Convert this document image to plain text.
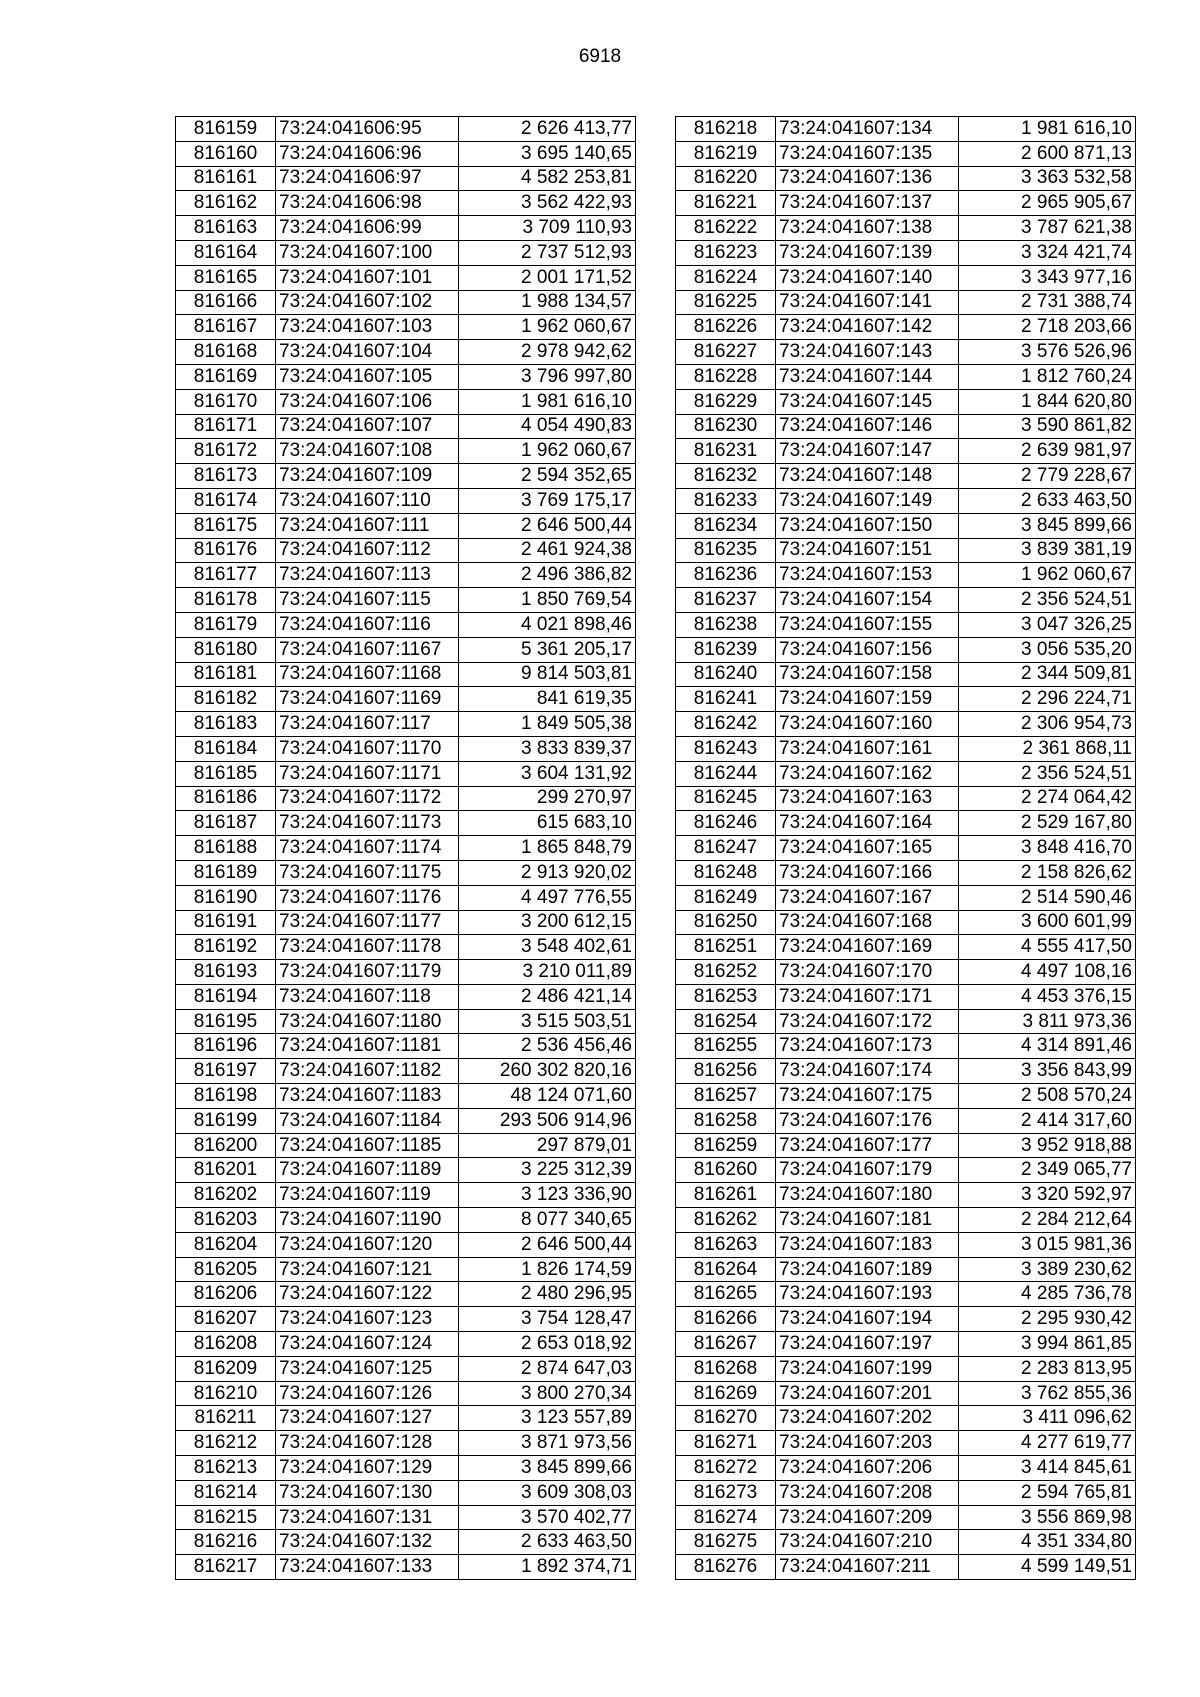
6918
816159	73:24:041606:95	2 626 413,77
816160	73:24:041606:96	3 695 140,65
816161	73:24:041606:97	4 582 253,81
816162	73:24:041606:98	3 562 422,93
816163	73:24:041606:99	3 709 110,93
816164	73:24:041607:100	2 737 512,93
816165	73:24:041607:101	2 001 171,52
816166	73:24:041607:102	1 988 134,57
816167	73:24:041607:103	1 962 060,67
816168	73:24:041607:104	2 978 942,62
816169	73:24:041607:105	3 796 997,80
816170	73:24:041607:106	1 981 616,10
816171	73:24:041607:107	4 054 490,83
816172	73:24:041607:108	1 962 060,67
816173	73:24:041607:109	2 594 352,65
816174	73:24:041607:110	3 769 175,17
816175	73:24:041607:111	2 646 500,44
816176	73:24:041607:112	2 461 924,38
816177	73:24:041607:113	2 496 386,82
816178	73:24:041607:115	1 850 769,54
816179	73:24:041607:116	4 021 898,46
816180	73:24:041607:1167	5 361 205,17
816181	73:24:041607:1168	9 814 503,81
816182	73:24:041607:1169	841 619,35
816183	73:24:041607:117	1 849 505,38
816184	73:24:041607:1170	3 833 839,37
816185	73:24:041607:1171	3 604 131,92
816186	73:24:041607:1172	299 270,97
816187	73:24:041607:1173	615 683,10
816188	73:24:041607:1174	1 865 848,79
816189	73:24:041607:1175	2 913 920,02
816190	73:24:041607:1176	4 497 776,55
816191	73:24:041607:1177	3 200 612,15
816192	73:24:041607:1178	3 548 402,61
816193	73:24:041607:1179	3 210 011,89
816194	73:24:041607:118	2 486 421,14
816195	73:24:041607:1180	3 515 503,51
816196	73:24:041607:1181	2 536 456,46
816197	73:24:041607:1182	260 302 820,16
816198	73:24:041607:1183	48 124 071,60
816199	73:24:041607:1184	293 506 914,96
816200	73:24:041607:1185	297 879,01
816201	73:24:041607:1189	3 225 312,39
816202	73:24:041607:119	3 123 336,90
816203	73:24:041607:1190	8 077 340,65
816204	73:24:041607:120	2 646 500,44
816205	73:24:041607:121	1 826 174,59
816206	73:24:041607:122	2 480 296,95
816207	73:24:041607:123	3 754 128,47
816208	73:24:041607:124	2 653 018,92
816209	73:24:041607:125	2 874 647,03
816210	73:24:041607:126	3 800 270,34
816211	73:24:041607:127	3 123 557,89
816212	73:24:041607:128	3 871 973,56
816213	73:24:041607:129	3 845 899,66
816214	73:24:041607:130	3 609 308,03
816215	73:24:041607:131	3 570 402,77
816216	73:24:041607:132	2 633 463,50
816217	73:24:041607:133	1 892 374,71
816218	73:24:041607:134	1 981 616,10
816219	73:24:041607:135	2 600 871,13
816220	73:24:041607:136	3 363 532,58
816221	73:24:041607:137	2 965 905,67
816222	73:24:041607:138	3 787 621,38
816223	73:24:041607:139	3 324 421,74
816224	73:24:041607:140	3 343 977,16
816225	73:24:041607:141	2 731 388,74
816226	73:24:041607:142	2 718 203,66
816227	73:24:041607:143	3 576 526,96
816228	73:24:041607:144	1 812 760,24
816229	73:24:041607:145	1 844 620,80
816230	73:24:041607:146	3 590 861,82
816231	73:24:041607:147	2 639 981,97
816232	73:24:041607:148	2 779 228,67
816233	73:24:041607:149	2 633 463,50
816234	73:24:041607:150	3 845 899,66
816235	73:24:041607:151	3 839 381,19
816236	73:24:041607:153	1 962 060,67
816237	73:24:041607:154	2 356 524,51
816238	73:24:041607:155	3 047 326,25
816239	73:24:041607:156	3 056 535,20
816240	73:24:041607:158	2 344 509,81
816241	73:24:041607:159	2 296 224,71
816242	73:24:041607:160	2 306 954,73
816243	73:24:041607:161	2 361 868,11
816244	73:24:041607:162	2 356 524,51
816245	73:24:041607:163	2 274 064,42
816246	73:24:041607:164	2 529 167,80
816247	73:24:041607:165	3 848 416,70
816248	73:24:041607:166	2 158 826,62
816249	73:24:041607:167	2 514 590,46
816250	73:24:041607:168	3 600 601,99
816251	73:24:041607:169	4 555 417,50
816252	73:24:041607:170	4 497 108,16
816253	73:24:041607:171	4 453 376,15
816254	73:24:041607:172	3 811 973,36
816255	73:24:041607:173	4 314 891,46
816256	73:24:041607:174	3 356 843,99
816257	73:24:041607:175	2 508 570,24
816258	73:24:041607:176	2 414 317,60
816259	73:24:041607:177	3 952 918,88
816260	73:24:041607:179	2 349 065,77
816261	73:24:041607:180	3 320 592,97
816262	73:24:041607:181	2 284 212,64
816263	73:24:041607:183	3 015 981,36
816264	73:24:041607:189	3 389 230,62
816265	73:24:041607:193	4 285 736,78
816266	73:24:041607:194	2 295 930,42
816267	73:24:041607:197	3 994 861,85
816268	73:24:041607:199	2 283 813,95
816269	73:24:041607:201	3 762 855,36
816270	73:24:041607:202	3 411 096,62
816271	73:24:041607:203	4 277 619,77
816272	73:24:041607:206	3 414 845,61
816273	73:24:041607:208	2 594 765,81
816274	73:24:041607:209	3 556 869,98
816275	73:24:041607:210	4 351 334,80
816276	73:24:041607:211	4 599 149,51
